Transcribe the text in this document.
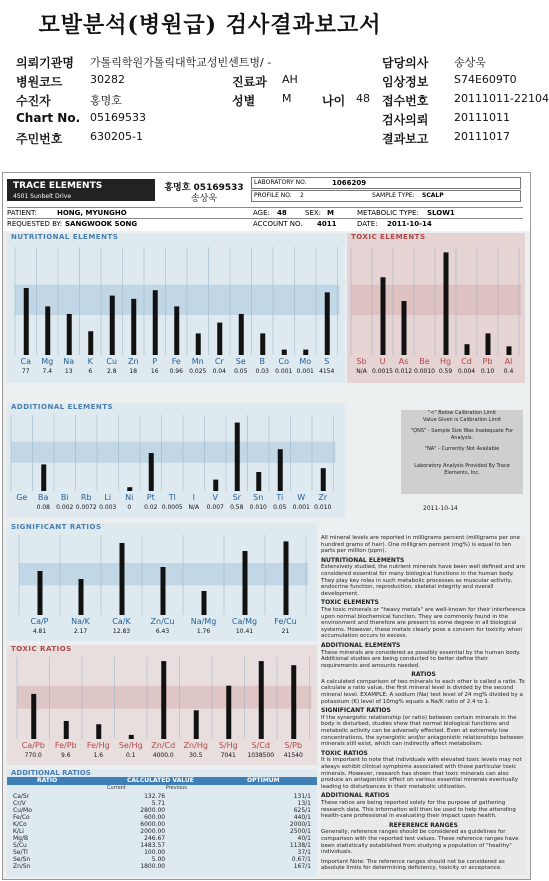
모발분석(병원급) 검사결과보고서
의뢰기관명 가톨릭학원가톨릭대학교성빈센트병/ -	담당의사 송상욱
병원코드	30282	진료과 AH	임상정보 S74E609T0
수진자	홍명호	성별 M	나이 48 접수번호 20111011-22104
Chart No. 05169533	검사의뢰 20111011
주민번호	630205-1	결과보고 20111017
TRACE ELEMENTS
4501 Sunbelt Drive
홍명호 05169533
송상욱
LABORATORY NO.	1066209
PROFILE NO. 2	SAMPLE TYPE: SCALP
PATIENT:	HONG, MYUNGHO	AGE: 48	SEX: M	METABOLIC TYPE: SLOW1
REQUESTED BY: SANGWOOK SONG	ACCOUNT NO. 4011	DATE: 2011-10-14
NUTRITIONAL ELEMENTS
Ca
77
Mg
7.4
Na
13
K
6
Cu
2.8
Zn
18
P
16
Fe
0.96
Mn
0.025
Cr
0.04
Se
0.05
B
0.03
Co
0.001
Mo
0.001
S
4154
TOXIC ELEMENTS
Sb
N/A
U
0.0015
As
0.012
Be
0.0010
Hg
0.59
Cd
0.004
Pb
0.10
Al
0.4
ADDITIONAL ELEMENTS
Ge Ba
0.08
Bi
0.002
Rb
0.0072
Li
0.003
Ni
0
Pt
0.02
Tl
0.0005
I
N/A
V
0.007
Sr
0.58
Sn
0.010
Ti
0.05
W
0.001
Zr
0.010
"<" Below Calibration Limit
Value Given is Calibration Limit
"QNS" - Sample Size Was Inadequate For Analysis.
"NA" - Currently Not Available
Laboratory Analysis Provided By Trace Elements, Inc.
2011-10-14
SIGNIFICANT RATIOS
Ca/P
4.81
Na/K
2.17
Ca/K
12.83
Zn/Cu
6.43
Na/Mg
1.76
Ca/Mg
10.41
Fe/Cu
21
TOXIC RATIOS
Ca/Pb
770.0
Fe/Pb
9.6
Fe/Hg
1.6
Se/Hg
0.1
Zn/Cd
4000.0
Zn/Hg
30.5
S/Hg
7041
S/Cd
1038500
S/Pb
41540
ADDITIONAL RATIOS
RATIO	CALCULATED VALUE	OPTIMUM
Current	Previous
Ca/Sr	132.76		131/1
Cr/V	5.71		13/1
Cu/Mo	2800.00		625/1
Fe/Co	600.00		440/1
K/Co	6000.00		2000/1
K/Li	2000.00		2500/1
Mg/B	246.67		40/1
S/Cu	1483.57		1138/1
Se/Tl	100.00		37/1
Se/Sn	5.00		0.67/1
Zn/Sn	1800.00		167/1
All mineral levels are reported in milligrams percent (milligrams per one hundred grams of hair). One milligram percent (mg%) is equal to ten parts per million (ppm).
NUTRITIONAL ELEMENTS
Extensively studied, the nutrient minerals have been well defined and are considered essential for many biological functions in the human body. They play key roles in such metabolic processes as muscular activity, endocrine function, reproduction, skeletal integrity and overall development.
TOXIC ELEMENTS
The toxic minerals or "heavy metals" are well-known for their interference upon normal biochemical function. They are commonly found in the environment and therefore are present to some degree in all biological systems. However, these metals clearly pose a concern for toxicity when accumulation occurs to excess.
ADDITIONAL ELEMENTS
These minerals are considered as possibly essential by the human body. Additional studies are being conducted to better define their requirements and amounts needed.
RATIOS
A calculated comparison of two minerals to each other is called a ratio. To calculate a ratio value, the first mineral level is divided by the second mineral level. EXAMPLE: A sodium (Na) test level of 24 mg% divided by a potassium (K) level of 10mg% equals a Na/K ratio of 2.4 to 1.
SIGNIFICANT RATIOS
If the synergistic relationship (or ratio) between certain minerals in the body is disturbed, studies show that normal biological functions and metabolic activity can be adversely effected. Even at extremely low concentrations, the synergistic and/or antagonistic relationships between minerals still exist, which can indirectly affect metabolism.
TOXIC RATIOS
It is important to note that individuals with elevated toxic levels may not always exhibit clinical symptoms associated with those particular toxic minerals. However, research has shown that toxic minerals can also produce an antagonistic effect on various essential minerals eventually leading to disturbances in their metabolic utilization.
ADDITIONAL RATIOS
These ratios are being reported solely for the purpose of gathering research data. This information will then be used to help the attending health-care professional in evaluating their impact upon health.
REFERENCE RANGES
Generally, reference ranges should be considered as guidelines for comparison with the reported test values. These reference ranges have been statistically established from studying a population of "healthy" individuals.
Important Note: The reference ranges should not be considered as absolute limits for determining deficiency, toxicity or acceptance.
